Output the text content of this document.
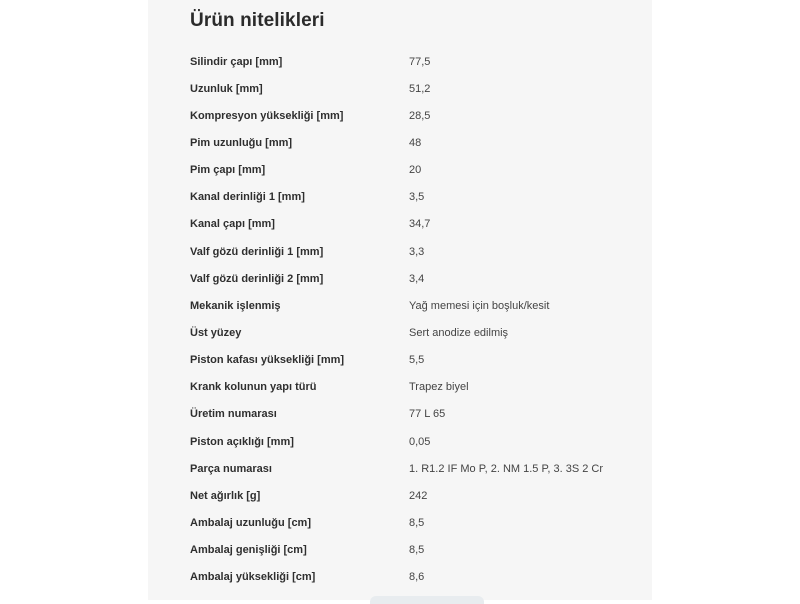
Ürün nitelikleri
Silindir çapı [mm]	77,5
Uzunluk [mm]	51,2
Kompresyon yüksekliği [mm]	28,5
Pim uzunluğu [mm]	48
Pim çapı [mm]	20
Kanal derinliği 1 [mm]	3,5
Kanal çapı [mm]	34,7
Valf gözü derinliği 1 [mm]	3,3
Valf gözü derinliği 2 [mm]	3,4
Mekanik işlenmiş	Yağ memesi için boşluk/kesit
Üst yüzey	Sert anodize edilmiş
Piston kafası yüksekliği [mm]	5,5
Krank kolunun yapı türü	Trapez biyel
Üretim numarası	77 L 65
Piston açıklığı [mm]	0,05
Parça numarası	1. R1.2 IF Mo P, 2. NM 1.5 P, 3. 3S 2 Cr
Net ağırlık [g]	242
Ambalaj uzunluğu [cm]	8,5
Ambalaj genişliği [cm]	8,5
Ambalaj yüksekliği [cm]	8,6
